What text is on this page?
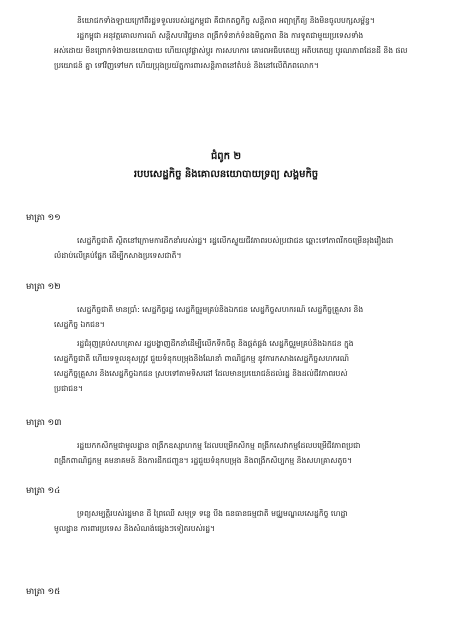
និយោជកទាំងឡាយក្រៅពីរដ្ឋទទួលរបស់រដ្ឋកម្ពុជា គឺជាកតព្វកិច្ច សន្តិភាព អព្យាក្រឹត្យ និងមិនចូលបក្សសម្ព័ន្ធ។
រដ្ឋកម្ពុជា អនុវត្តគោលការណ៍ សន្តិសហវិជ្ជមាន ពង្រឹកទំនាក់ទំនងមិត្តភាព និង ការទូតជាមួយប្រទេសទាំង
អស់ដោយ មិនព្រោកទំងាយនយោបាយ ហើយលូវផ្លាស់ប្តូរ ការសហការ គោរពអធិបតេយ្យ អតិបតេយ្យ បូរណភាពដែនដី និង ផល
ប្រយោជន៍ គ្នា ទៅវិញទៅមក ហើយប្រុងប្រយ័ត្នការពារសន្តិភាពនៅតំបន់ និងនៅលើពិភពលោក។
ជំពូក ២
របបសេដ្ឋកិច្ច និងគោលនយោបាយទ្រព្យ សង្គមកិច្ច
មាត្រា ១១
សេដ្ឋកិច្ចជាតិ ស្ថិតនៅក្រោមការដឹកនាំរបស់រដ្ឋ។ រដ្ឋលើកស្ទួយជីវភាពរបស់ប្រជាជន ឆ្ពោះទៅភាពរីកចម្រើនរុងរឿងជា
លំដាប់លើគ្រប់ផ្នែក ដើម្បីកសាងប្រទេសជាតិ។
មាត្រា ១២
សេដ្ឋកិច្ចជាតិ មានប្រាំ: សេដ្ឋកិច្ចរដ្ឋ សេដ្ឋកិច្ចរួមគ្រប់និងឯកជន សេដ្ឋកិច្ចសហករណ៍ សេដ្ឋកិច្ចគ្រួសារ និង
សេដ្ឋកិច្ច ឯកជន។
រដ្ឋជំរុញគ្រប់សហគ្រាស រដ្ឋបង្ហាញដឹកនាំដើម្បីលើកទឹកចិត្ត និងផ្គត់ផ្គង់ សេដ្ឋកិច្ចរួមគ្រប់និងឯកជន ក្នុង
សេដ្ឋកិច្ចជាតិ ហើយទទួលខុសត្រូវ ជួយទំនុកបម្រុងនិងណែនាំ ពាណិជ្ជកម្ម នូវការកសាងសេដ្ឋកិច្ចសហករណ៍
សេដ្ឋកិច្ចគ្រួសារ និងសេដ្ឋកិច្ចឯកជន ស្របទៅតាមទិសដៅ ដែលមានប្រយោជន៍ដល់រដ្ឋ និងដល់ជីវភាពរបស់
ប្រជាជន។
មាត្រា ១៣
រដ្ឋយកកសិកម្មជាមូលដ្ឋាន ពង្រឹកឧស្សាហកម្ម ដែលបម្រើកសិកម្ម ពង្រីកសេវាកម្មដែលបម្រើជីវភាពប្រជា
ពង្រីកពាណិជ្ជកម្ម គមនាគមន៍ និងការដឹកជញ្ជូន។ រដ្ឋជួយទំនុកបម្រុង និងពង្រីកសិប្បកម្ម និងសហគ្រាសតូច។
មាត្រា ១៤
ទ្រព្យសម្បត្តិរបស់រដ្ឋមាន ដី ព្រៃឈើ សមុទ្រ ទន្លេ បឹង ធនធានធម្មជាតិ មជ្ឈមណ្ឌលសេដ្ឋកិច្ច ហេដ្ឋា
មូលដ្ឋាន ការពារប្រទេស និងសំណង់ផ្សេងៗទៀតរបស់រដ្ឋ។
មាត្រា ១៥
